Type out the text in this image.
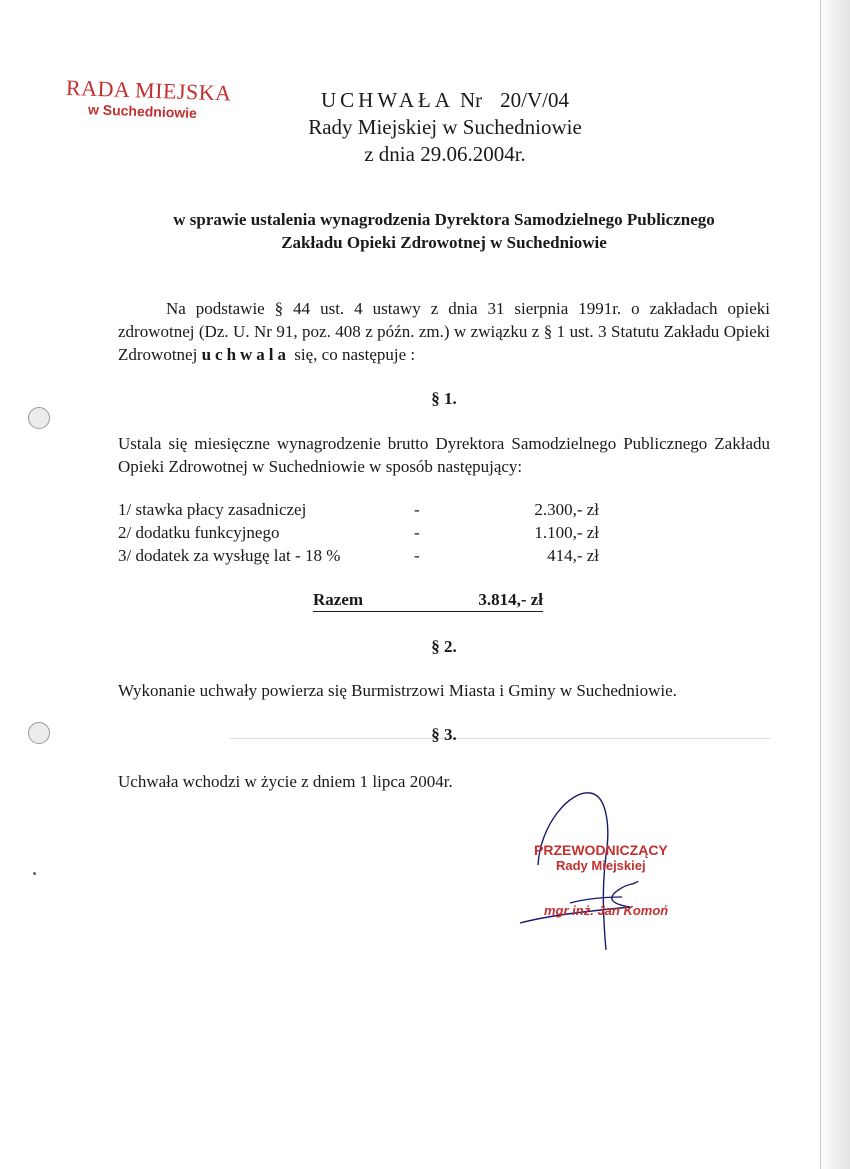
RADA MIEJSKA
w Suchedniowie	UCHWAŁA Nr 20/V/04
Rady Miejskiej w Suchedniowie
z dnia 29.06.2004r.
w sprawie ustalenia wynagrodzenia Dyrektora Samodzielnego Publicznego
Zakładu Opieki Zdrowotnej w Suchedniowie
Na podstawie § 44 ust. 4 ustawy z dnia 31 sierpnia 1991r. o zakładach opieki zdrowotnej (Dz. U. Nr 91, poz. 408 z późn. zm.) w związku z § 1 ust. 3 Statutu Zakładu Opieki Zdrowotnej uchwala się, co następuje :
§ 1.
Ustala się miesięczne wynagrodzenie brutto Dyrektora Samodzielnego Publicznego Zakładu Opieki Zdrowotnej w Suchedniowie w sposób następujący:
1/ stawka płacy zasadniczej	-	2.300,- zł
2/ dodatku funkcyjnego	-	1.100,- zł
3/ dodatek za wysługę lat - 18 %	-	414,- zł
Razem	3.814,- zł
§ 2.
Wykonanie uchwały powierza się Burmistrzowi Miasta i Gminy w Suchedniowie.
§ 3.
Uchwała wchodzi w życie z dniem 1 lipca 2004r.
PRZEWODNICZĄCY
Rady Miejskiej
mgr inż. Jan Komoń
